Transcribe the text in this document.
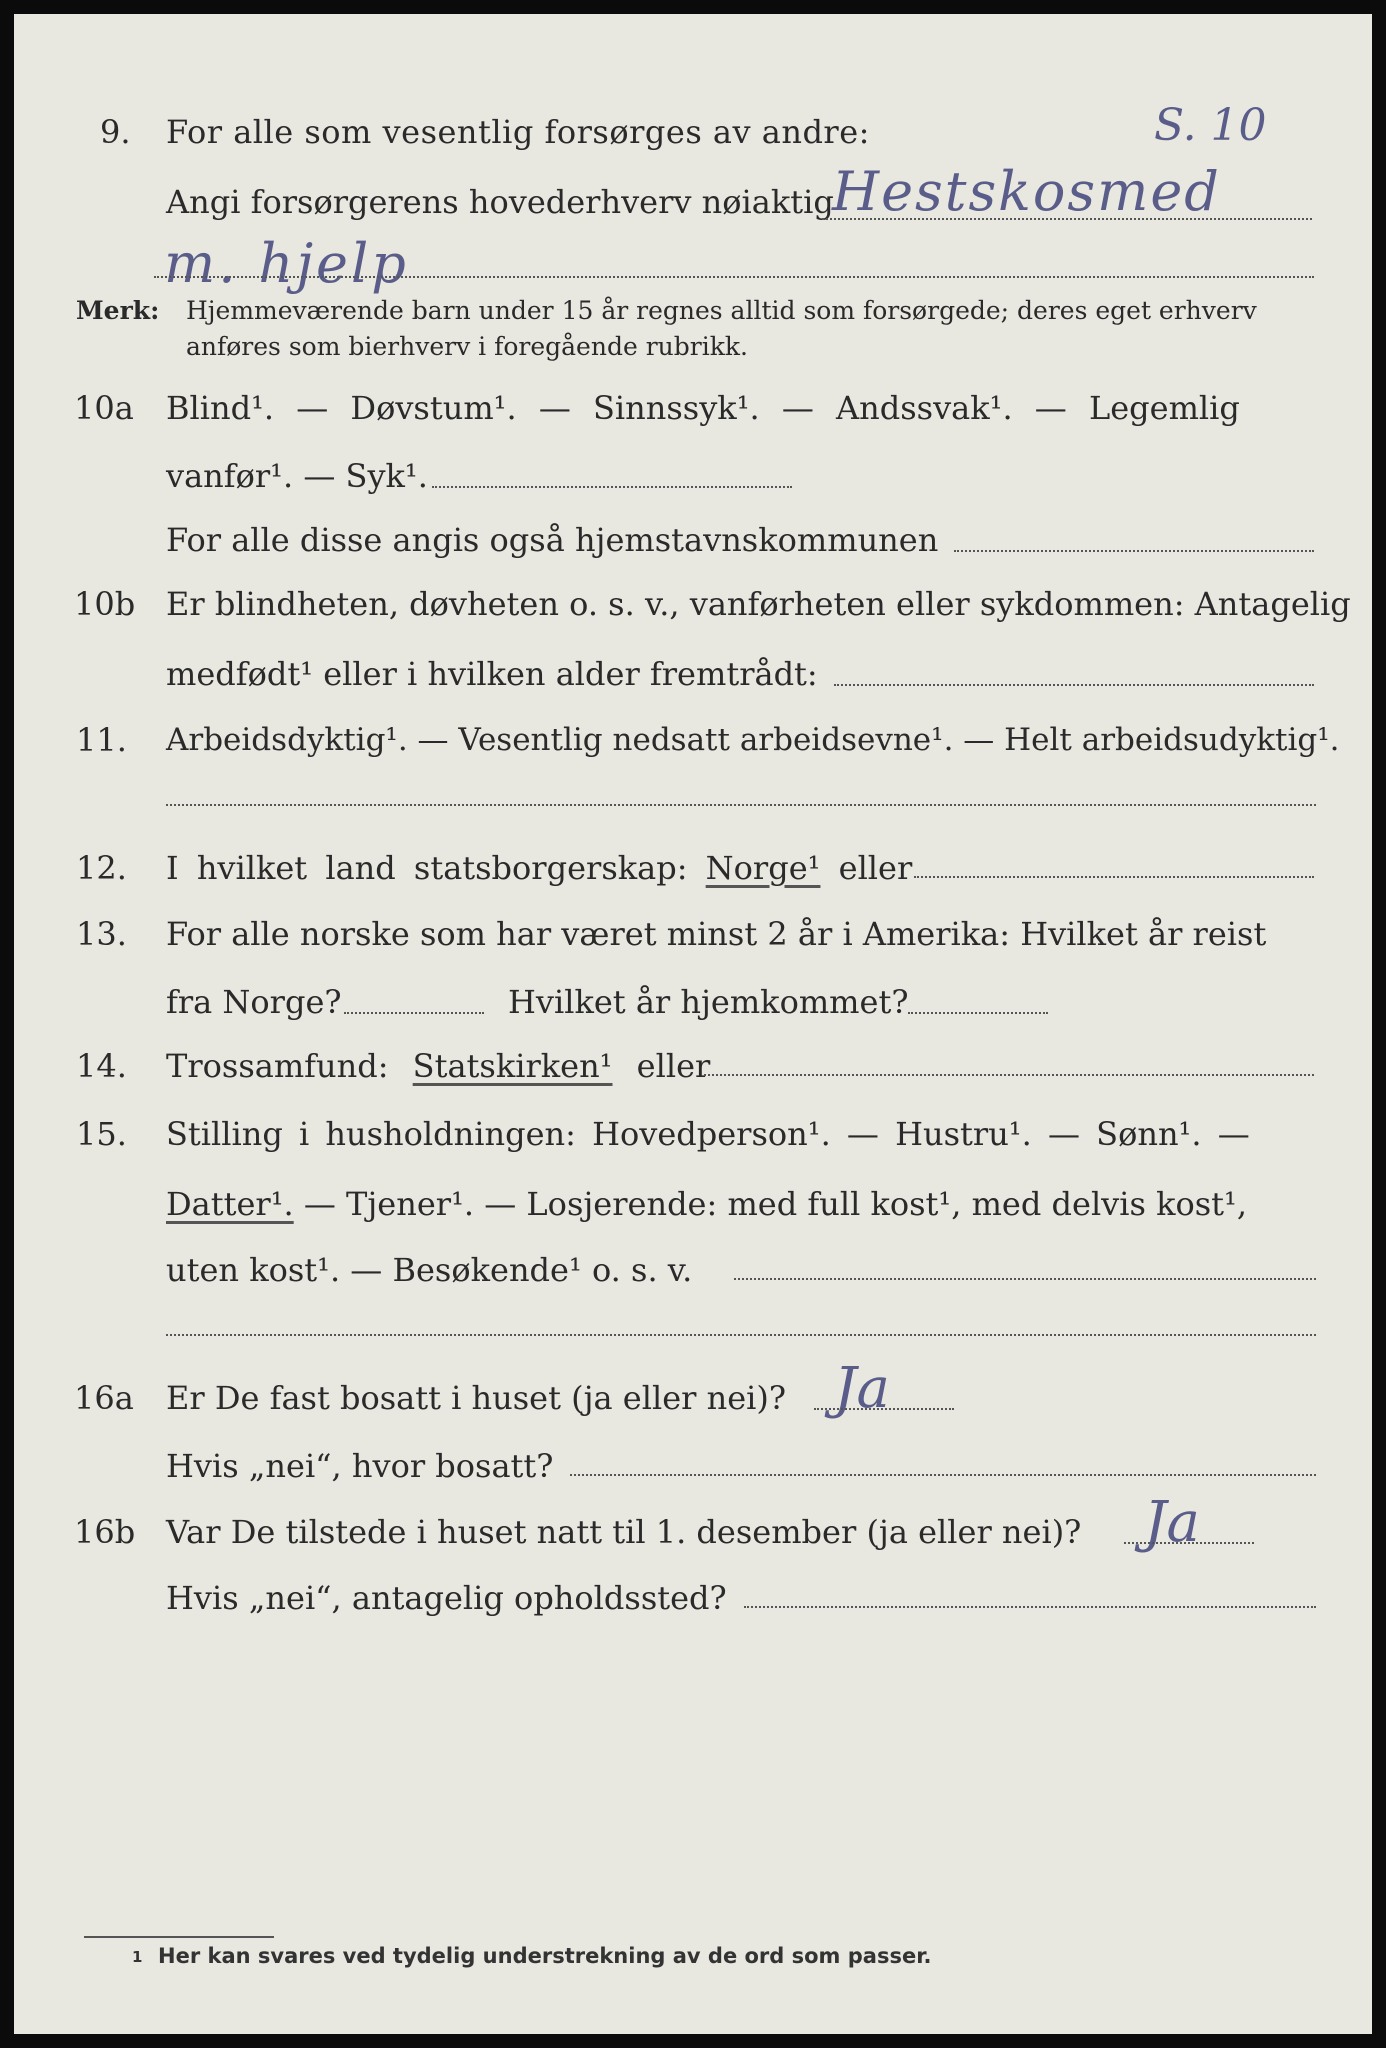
9. For alle som vesentlig forsørges av andre:	S. 10
Angi forsørgerens hovederhverv nøiaktig
Hestskosmed
m. hjelp
Merk: Hjemmeværende barn under 15 år regnes alltid som forsørgede; deres eget erhverv
anføres som bierhverv i foregående rubrikk.
10a Blind¹. — Døvstum¹. — Sinnssyk¹. — Andssvak¹. — Legemlig
vanfør¹. — Syk¹.
For alle disse angis også hjemstavnskommunen
10b Er blindheten, døvheten o. s. v., vanførheten eller sykdommen: Antagelig
medfødt¹ eller i hvilken alder fremtrådt:
11. Arbeidsdyktig¹. — Vesentlig nedsatt arbeidsevne¹. — Helt arbeidsudyktig¹.
12. I hvilket land statsborgerskap: Norge¹ eller
13. For alle norske som har været minst 2 år i Amerika: Hvilket år reist
fra Norge?	Hvilket år hjemkommet?
14. Trossamfund: Statskirken¹ eller
15. Stilling i husholdningen: Hovedperson¹. — Hustru¹. — Sønn¹. —
Datter¹. — Tjener¹. — Losjerende: med full kost¹, med delvis kost¹,
uten kost¹. — Besøkende¹ o. s. v.
16a Er De fast bosatt i huset (ja eller nei)? Ja
Hvis „nei“, hvor bosatt?
16b Var De tilstede i huset natt til 1. desember (ja eller nei)? Ja
Hvis „nei“, antagelig opholdssted?
1 Her kan svares ved tydelig understrekning av de ord som passer.
